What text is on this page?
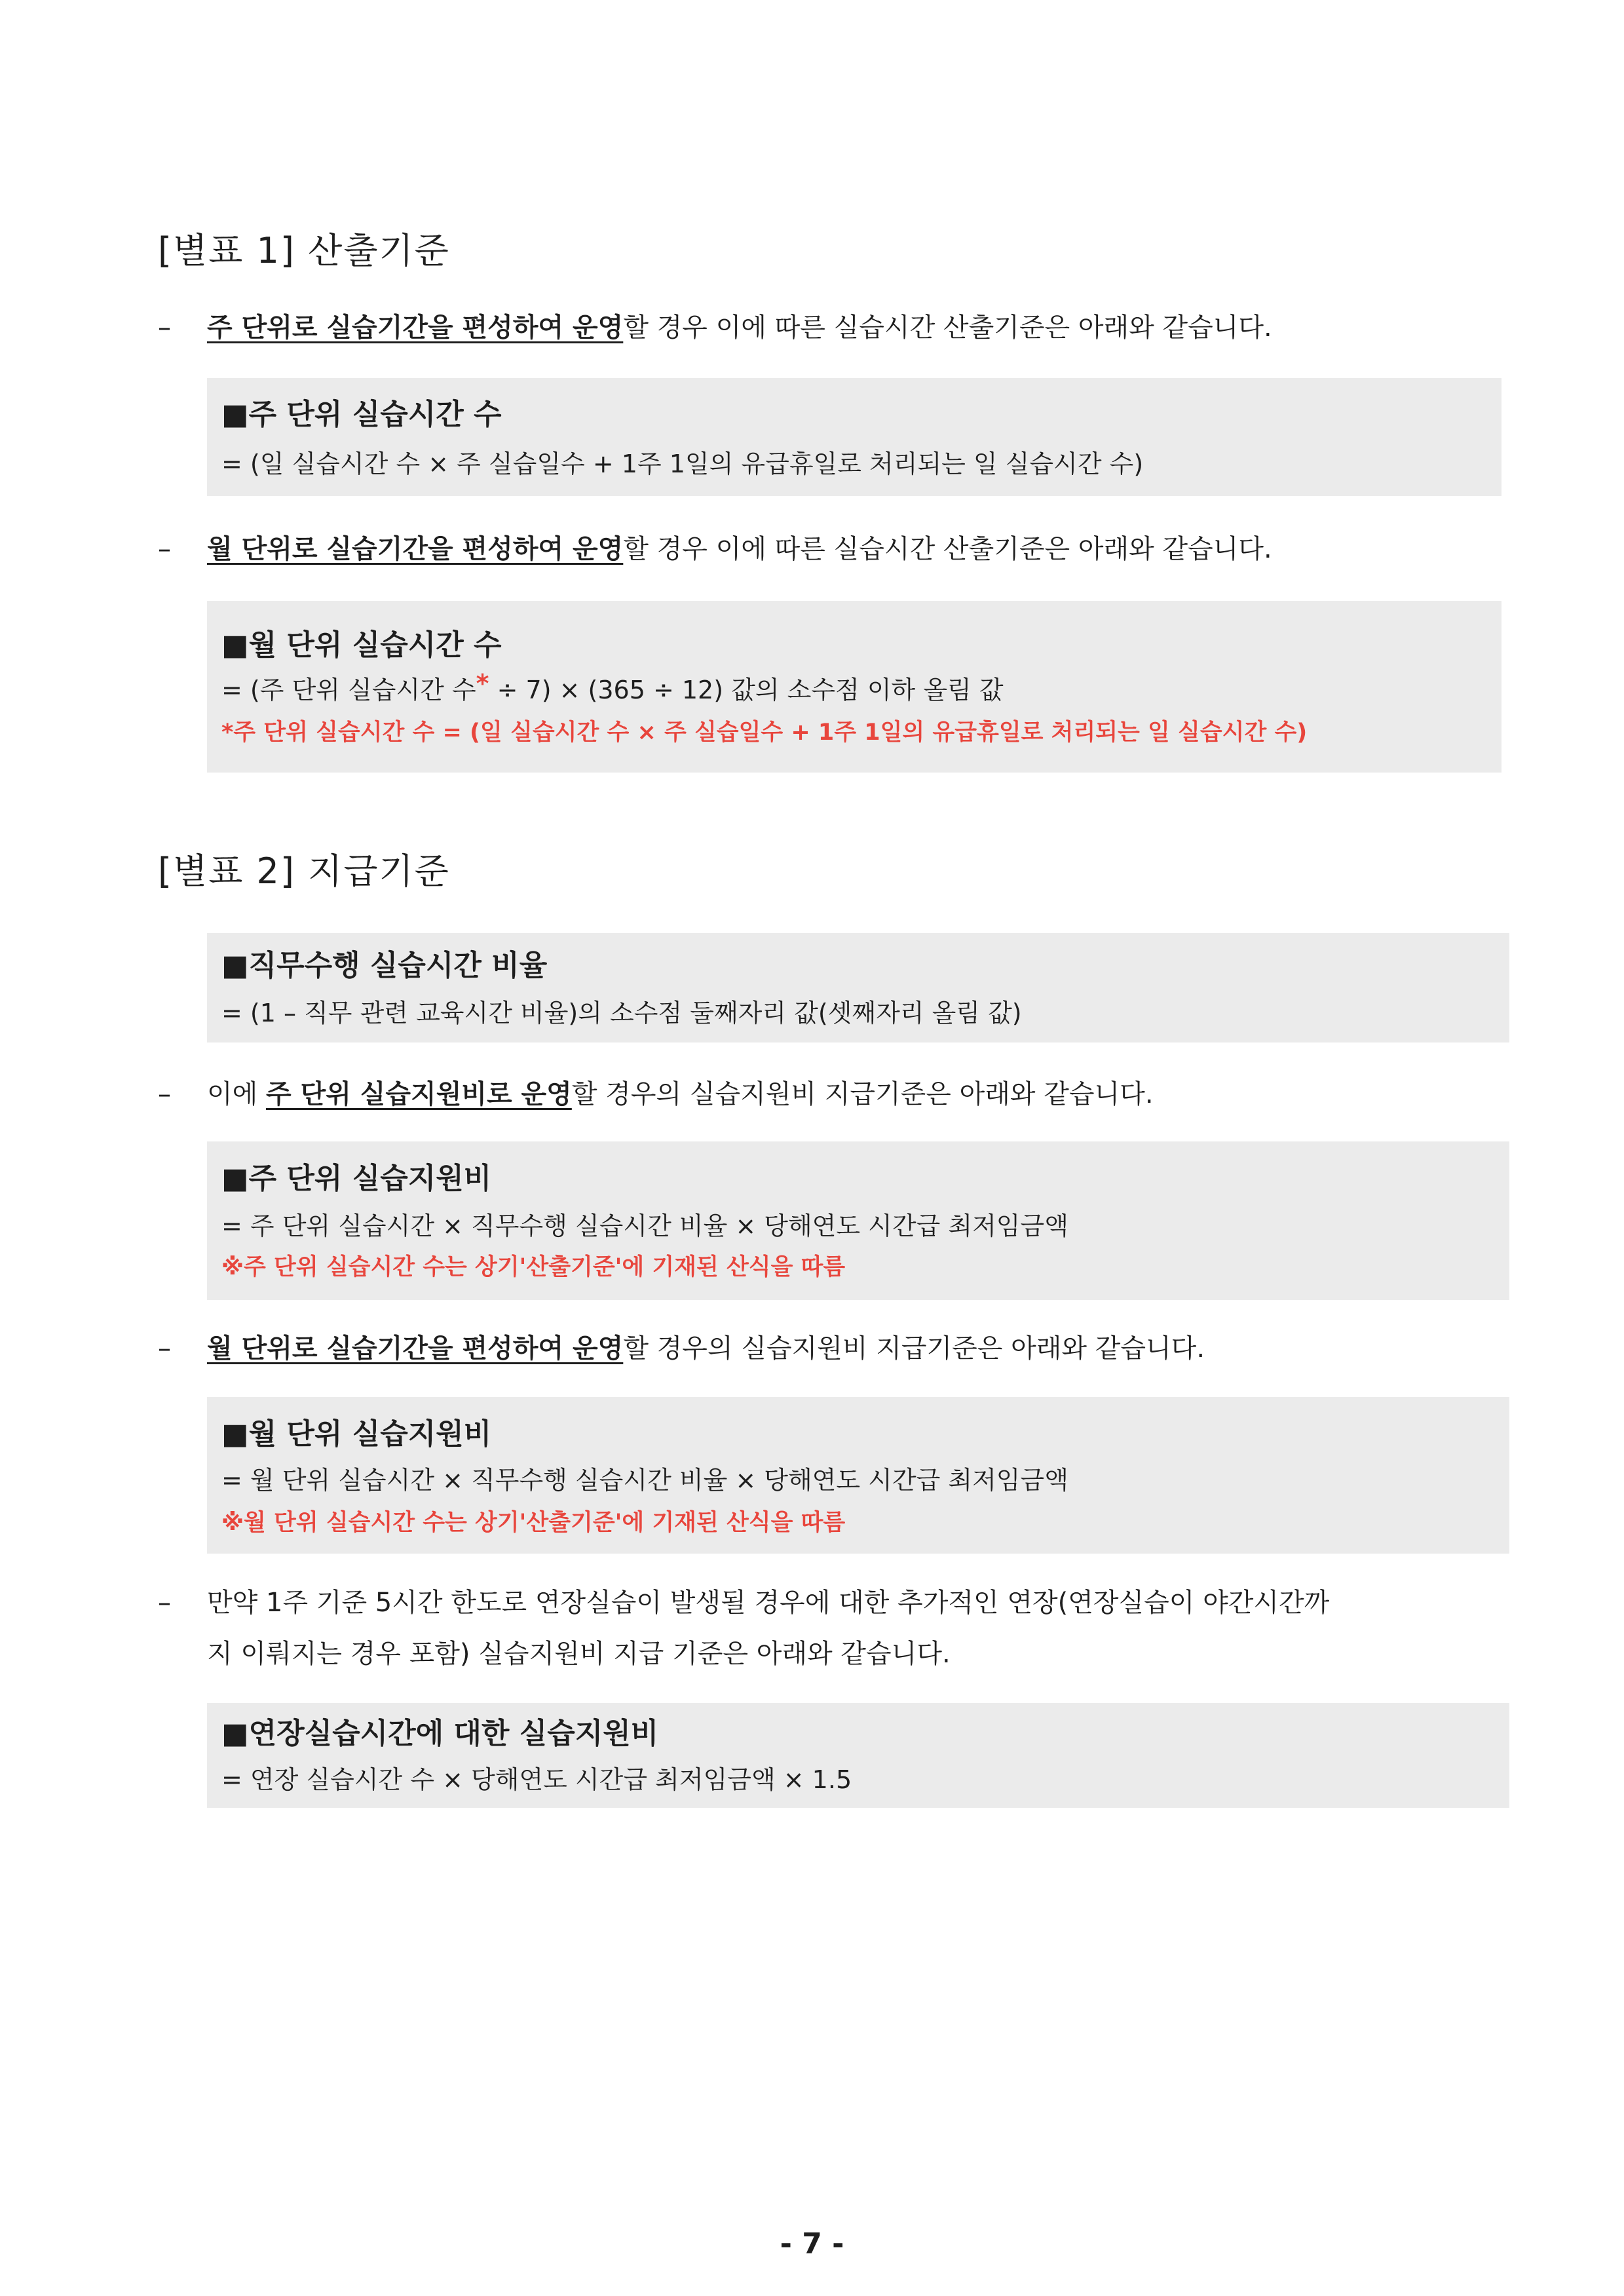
[별표 1] 산출기준
– 주 단위로 실습기간을 편성하여 운영할 경우 이에 따른 실습시간 산출기준은 아래와 같습니다.
■주 단위 실습시간 수
= (일 실습시간 수 × 주 실습일수 + 1주 1일의 유급휴일로 처리되는 일 실습시간 수)
– 월 단위로 실습기간을 편성하여 운영할 경우 이에 따른 실습시간 산출기준은 아래와 같습니다.
■월 단위 실습시간 수
= (주 단위 실습시간 수* ÷ 7) × (365 ÷ 12) 값의 소수점 이하 올림 값
*주 단위 실습시간 수 = (일 실습시간 수 × 주 실습일수 + 1주 1일의 유급휴일로 처리되는 일 실습시간 수)
[별표 2] 지급기준
■직무수행 실습시간 비율
= (1 – 직무 관련 교육시간 비율)의 소수점 둘째자리 값(셋째자리 올림 값)
– 이에 주 단위 실습지원비로 운영할 경우의 실습지원비 지급기준은 아래와 같습니다.
■주 단위 실습지원비
= 주 단위 실습시간 × 직무수행 실습시간 비율 × 당해연도 시간급 최저임금액
※주 단위 실습시간 수는 상기'산출기준'에 기재된 산식을 따름
– 월 단위로 실습기간을 편성하여 운영할 경우의 실습지원비 지급기준은 아래와 같습니다.
■월 단위 실습지원비
= 월 단위 실습시간 × 직무수행 실습시간 비율 × 당해연도 시간급 최저임금액
※월 단위 실습시간 수는 상기'산출기준'에 기재된 산식을 따름
– 만약 1주 기준 5시간 한도로 연장실습이 발생될 경우에 대한 추가적인 연장(연장실습이 야간시간까
지 이뤄지는 경우 포함) 실습지원비 지급 기준은 아래와 같습니다.
■연장실습시간에 대한 실습지원비
= 연장 실습시간 수 × 당해연도 시간급 최저임금액 × 1.5
- 7 -
